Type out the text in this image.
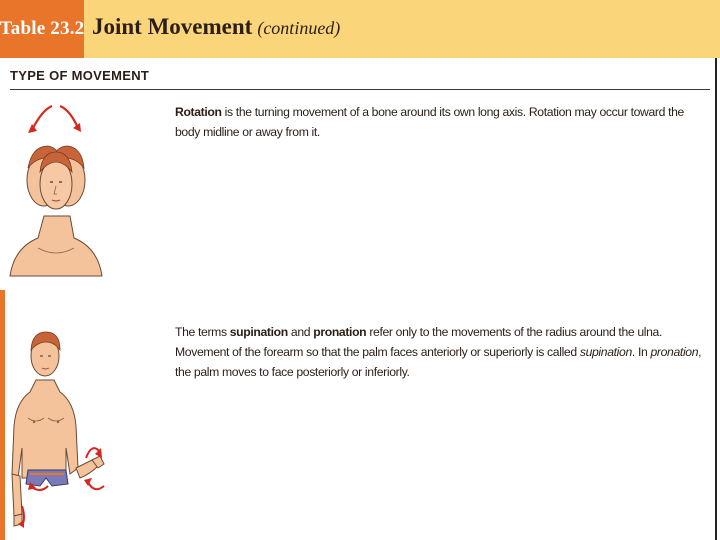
Table 23.2 Joint Movement (continued)
TYPE OF MOVEMENT
Rotation is the turning movement of a bone around its own long axis. Rotation may occur toward the body midline or away from it.
The terms supination and pronation refer only to the movements of the radius around the ulna. Movement of the forearm so that the palm faces anteriorly or superiorly is called supination. In pronation, the palm moves to face posteriorly or inferiorly.
